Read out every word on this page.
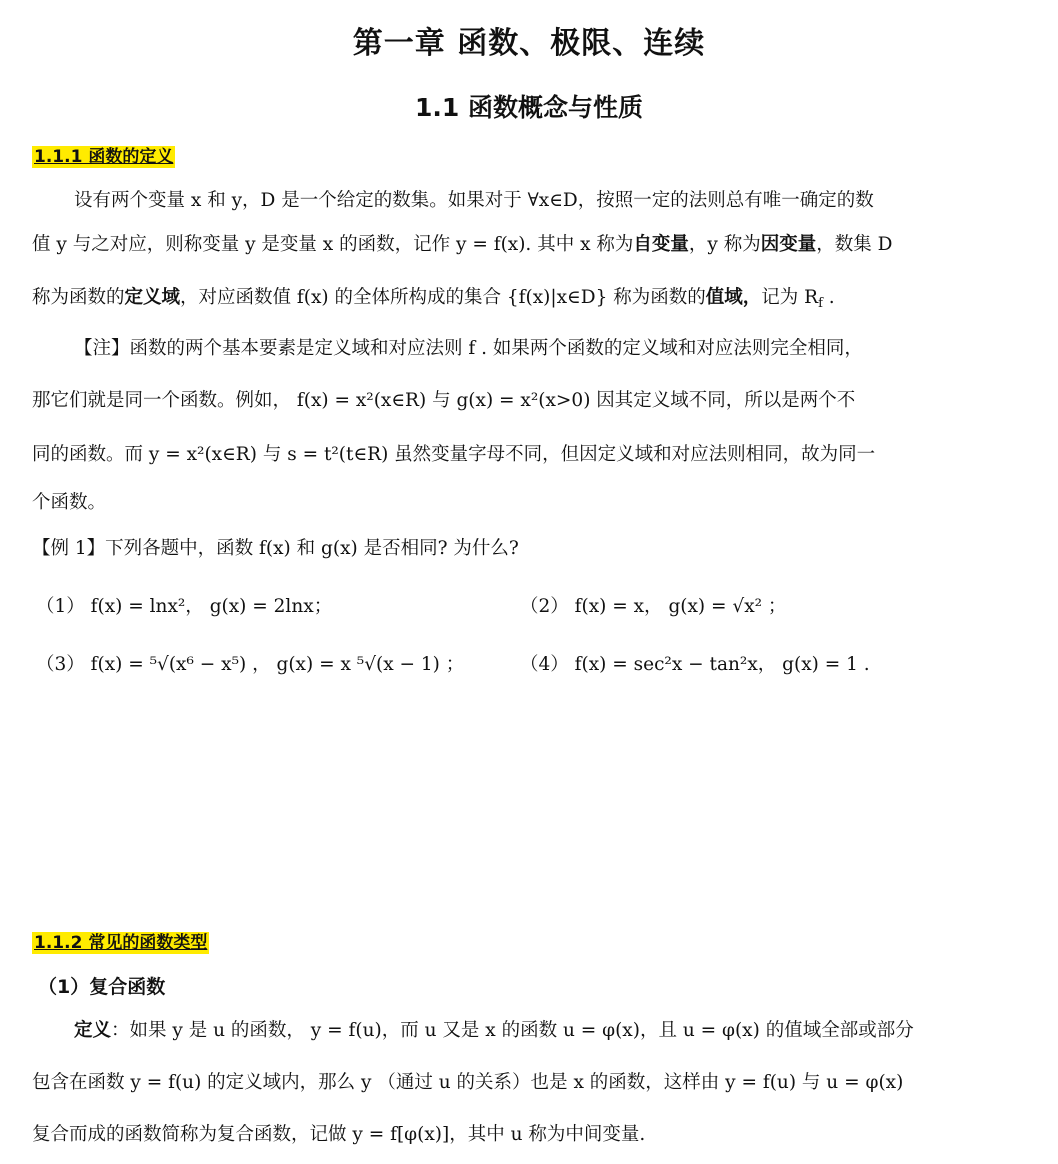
第一章 函数、极限、连续
1.1 函数概念与性质
1.1.1 函数的定义
设有两个变量 x 和 y，D 是一个给定的数集。如果对于 ∀x∈D，按照一定的法则总有唯一确定的数
值 y 与之对应，则称变量 y 是变量 x 的函数，记作 y = f(x). 其中 x 称为自变量，y 称为因变量，数集 D
称为函数的定义域，对应函数值 f(x) 的全体所构成的集合 {f(x)|x∈D} 称为函数的值域，记为 $R_f$ .
【注】函数的两个基本要素是定义域和对应法则 f . 如果两个函数的定义域和对应法则完全相同，
那它们就是同一个函数。例如， f(x) = x²(x∈R) 与 g(x) = x²(x>0) 因其定义域不同，所以是两个不
同的函数。而 y = x²(x∈R) 与 s = t²(t∈R) 虽然变量字母不同，但因定义域和对应法则相同，故为同一
个函数。
【例 1】下列各题中，函数 f(x) 和 g(x) 是否相同? 为什么?
（1） f(x) = lnx²， g(x) = 2lnx；	（2） f(x) = x， g(x) = √x² ；
（3） f(x) = ⁵√(x⁶ − x⁵) ， g(x) = x ⁵√(x − 1) ；	（4） f(x) = sec²x − tan²x， g(x) = 1 .
1.1.2 常见的函数类型
（1）复合函数
定义：如果 y 是 u 的函数， y = f(u)，而 u 又是 x 的函数 u = φ(x)，且 u = φ(x) 的值域全部或部分
包含在函数 y = f(u) 的定义域内，那么 y （通过 u 的关系）也是 x 的函数，这样由 y = f(u) 与 u = φ(x)
复合而成的函数简称为复合函数，记做 y = f[φ(x)]，其中 u 称为中间变量.
